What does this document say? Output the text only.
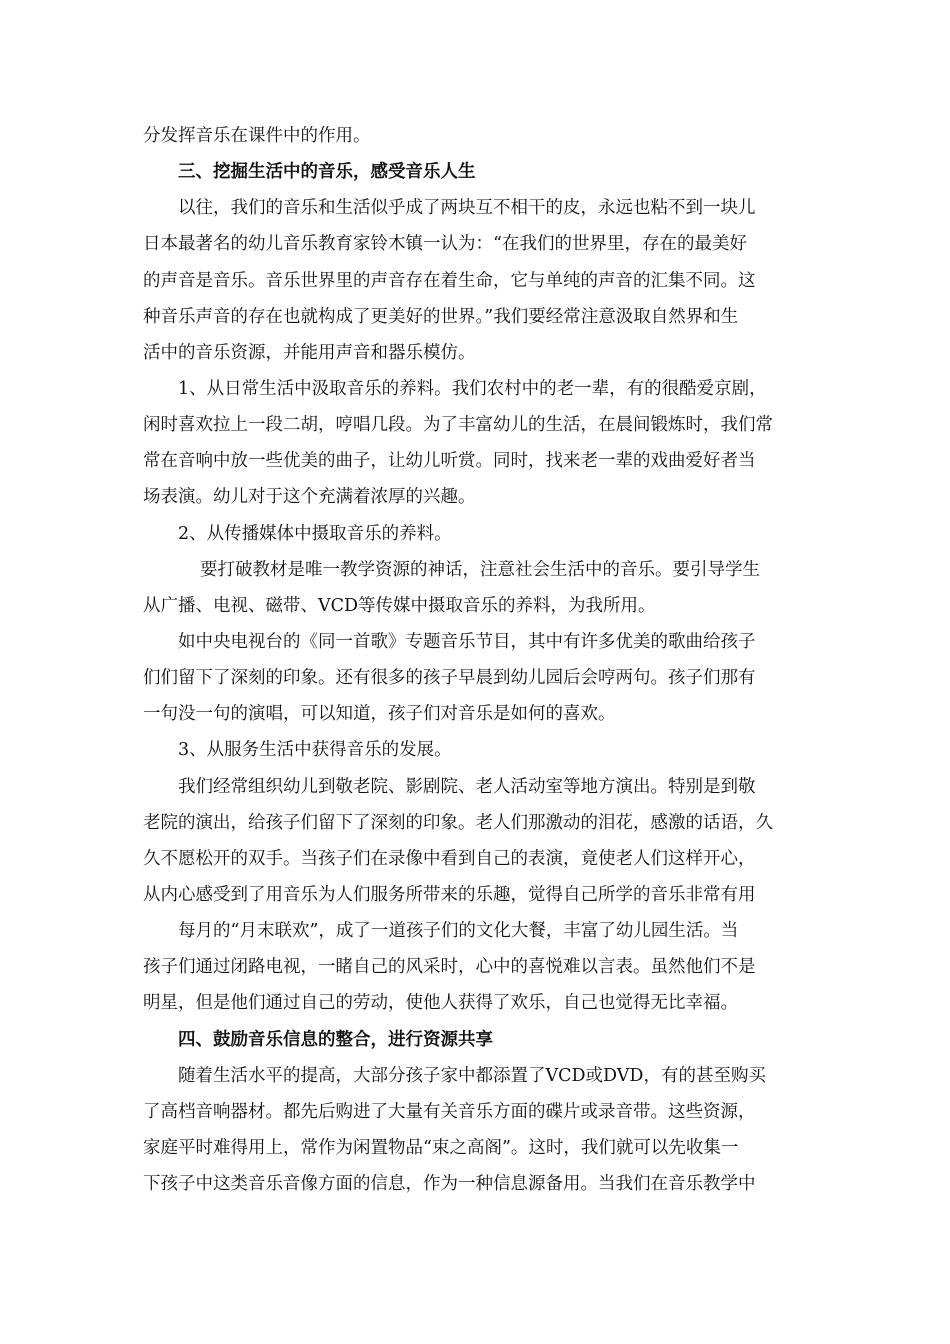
分发挥音乐在课件中的作用。
三、挖掘生活中的音乐，感受音乐人生
以往，我们的音乐和生活似乎成了两块互不相干的皮，永远也粘不到一块儿
日本最著名的幼儿音乐教育家铃木镇一认为：“在我们的世界里，存在的最美好
的声音是音乐。音乐世界里的声音存在着生命，它与单纯的声音的汇集不同。这
种音乐声音的存在也就构成了更美好的世界。”我们要经常注意汲取自然界和生
活中的音乐资源，并能用声音和器乐模仿。
1、从日常生活中汲取音乐的养料。我们农村中的老一辈，有的很酷爱京剧，
闲时喜欢拉上一段二胡，哼唱几段。为了丰富幼儿的生活，在晨间锻炼时，我们常
常在音响中放一些优美的曲子，让幼儿听赏。同时，找来老一辈的戏曲爱好者当
场表演。幼儿对于这个充满着浓厚的兴趣。
2、从传播媒体中摄取音乐的养料。
要打破教材是唯一教学资源的神话，注意社会生活中的音乐。要引导学生
从广播、电视、磁带、VCD等传媒中摄取音乐的养料，为我所用。
如中央电视台的《同一首歌》专题音乐节目，其中有许多优美的歌曲给孩子
们们留下了深刻的印象。还有很多的孩子早晨到幼儿园后会哼两句。孩子们那有
一句没一句的演唱，可以知道，孩子们对音乐是如何的喜欢。
3、从服务生活中获得音乐的发展。
我们经常组织幼儿到敬老院、影剧院、老人活动室等地方演出。特别是到敬
老院的演出，给孩子们留下了深刻的印象。老人们那激动的泪花，感激的话语，久
久不愿松开的双手。当孩子们在录像中看到自己的表演，竟使老人们这样开心，
从内心感受到了用音乐为人们服务所带来的乐趣，觉得自己所学的音乐非常有用
每月的“月末联欢”，成了一道孩子们的文化大餐，丰富了幼儿园生活。当
孩子们通过闭路电视，一睹自己的风采时，心中的喜悦难以言表。虽然他们不是
明星，但是他们通过自己的劳动，使他人获得了欢乐，自己也觉得无比幸福。
四、鼓励音乐信息的整合，进行资源共享
随着生活水平的提高，大部分孩子家中都添置了VCD或DVD，有的甚至购买
了高档音响器材。都先后购进了大量有关音乐方面的碟片或录音带。这些资源，
家庭平时难得用上，常作为闲置物品“束之高阁”。这时，我们就可以先收集一
下孩子中这类音乐音像方面的信息，作为一种信息源备用。当我们在音乐教学中
